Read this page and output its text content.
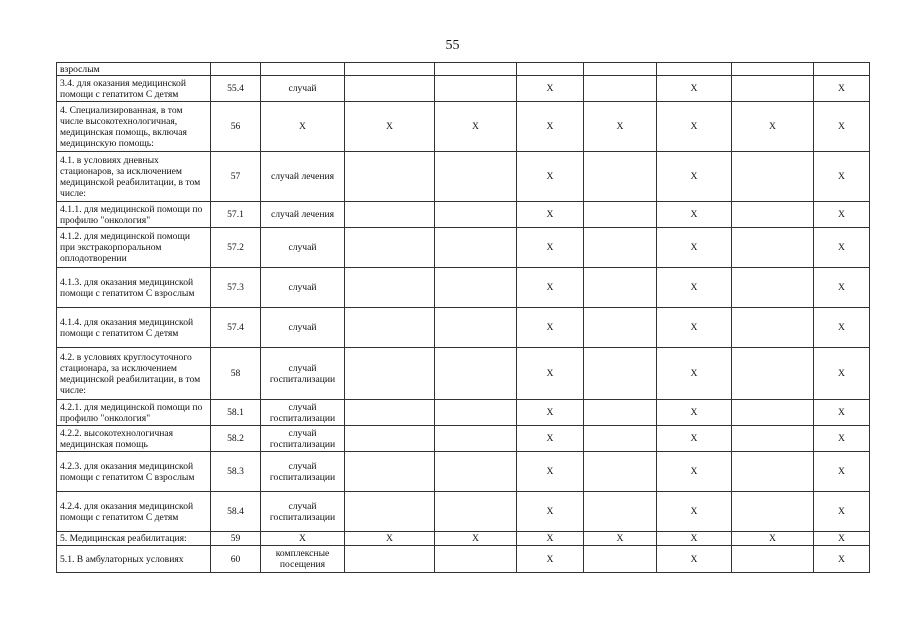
55
взрослым									
3.4. для оказания медицинской помощи с гепатитом С детям	55.4	случай			X		X		X
4. Специализированная, в том числе высокотехнологичная, медицинская помощь, включая медицинскую помощь:	56	X	X	X	X	X	X	X	X
4.1. в условиях дневных стационаров, за исключением медицинской реабилитации, в том числе:	57	случай лечения			X		X		X
4.1.1. для медицинской помощи по профилю "онкология"	57.1	случай лечения			X		X		X
4.1.2. для медицинской помощи при экстракорпоральном оплодотворении	57.2	случай			X		X		X
4.1.3. для оказания медицинской помощи с гепатитом С взрослым	57.3	случай			X		X		X
4.1.4. для оказания медицинской помощи с гепатитом С детям	57.4	случай			X		X		X
4.2. в условиях круглосуточного стационара, за исключением медицинской реабилитации, в том числе:	58	случай госпитализации			X		X		X
4.2.1. для медицинской помощи по профилю "онкология"	58.1	случай госпитализации			X		X		X
4.2.2. высокотехнологичная медицинская помощь	58.2	случай госпитализации			X		X		X
4.2.3. для оказания медицинской помощи с гепатитом С взрослым	58.3	случай госпитализации			X		X		X
4.2.4. для оказания медицинской помощи с гепатитом С детям	58.4	случай госпитализации			X		X		X
5. Медицинская реабилитация:	59	X	X	X	X	X	X	X	X
5.1. В амбулаторных условиях	60	комплексные посещения			X		X		X
